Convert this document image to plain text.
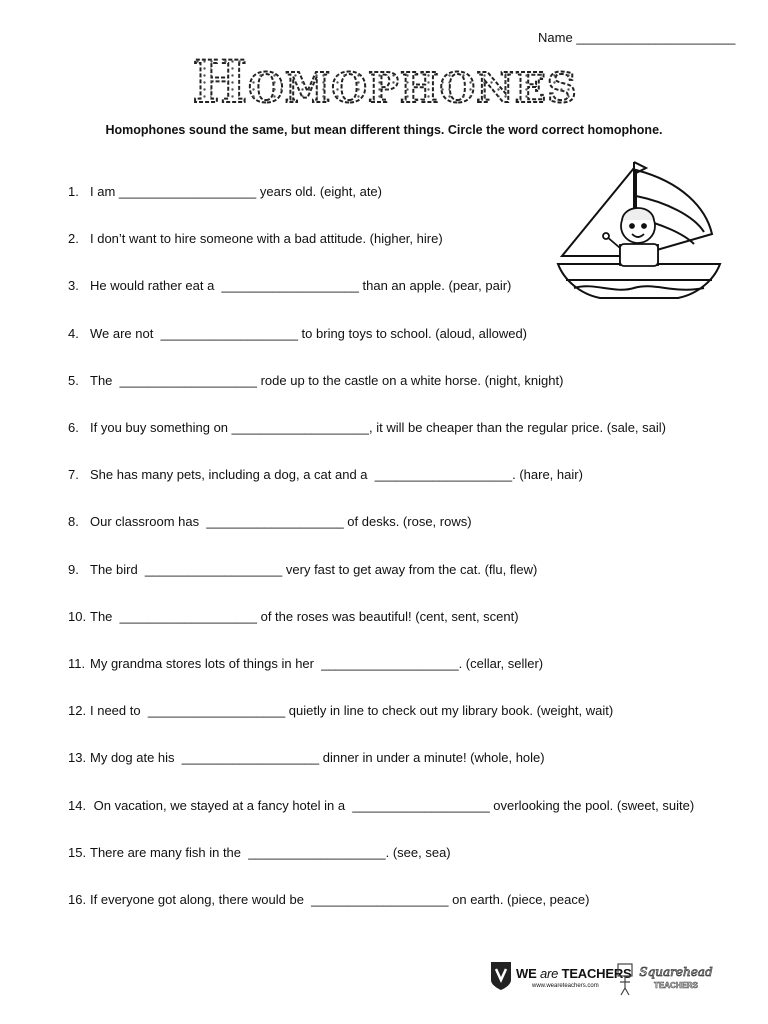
Name ______________________
Homophones
Homophones sound the same, but mean different things. Circle the word correct homophone.
1. I am ___________________ years old. (eight, ate)
2. I don’t want to hire someone with a bad attitude. (higher, hire)
3. He would rather eat a  ___________________ than an apple. (pear, pair)
4. We are not  ___________________ to bring toys to school. (aloud, allowed)
5. The  ___________________ rode up to the castle on a white horse. (night, knight)
6. If you buy something on ___________________, it will be cheaper than the regular price. (sale, sail)
7. She has many pets, including a dog, a cat and a  ___________________. (hare, hair)
8. Our classroom has  ___________________ of desks. (rose, rows)
9. The bird  ___________________ very fast to get away from the cat. (flu, flew)
10. The  ___________________ of the roses was beautiful! (cent, sent, scent)
11. My grandma stores lots of things in her  ___________________. (cellar, seller)
12. I need to  ___________________ quietly in line to check out my library book. (weight, wait)
13. My dog ate his  ___________________ dinner in under a minute! (whole, hole)
14. On vacation, we stayed at a fancy hotel in a  ___________________ overlooking the pool. (sweet, suite)
15. There are many fish in the  ___________________. (see, sea)
16. If everyone got along, there would be  ___________________ on earth. (piece, peace)
WE are TEACHERS
www.weareteachers.com
Squarehead
TEACHERS
